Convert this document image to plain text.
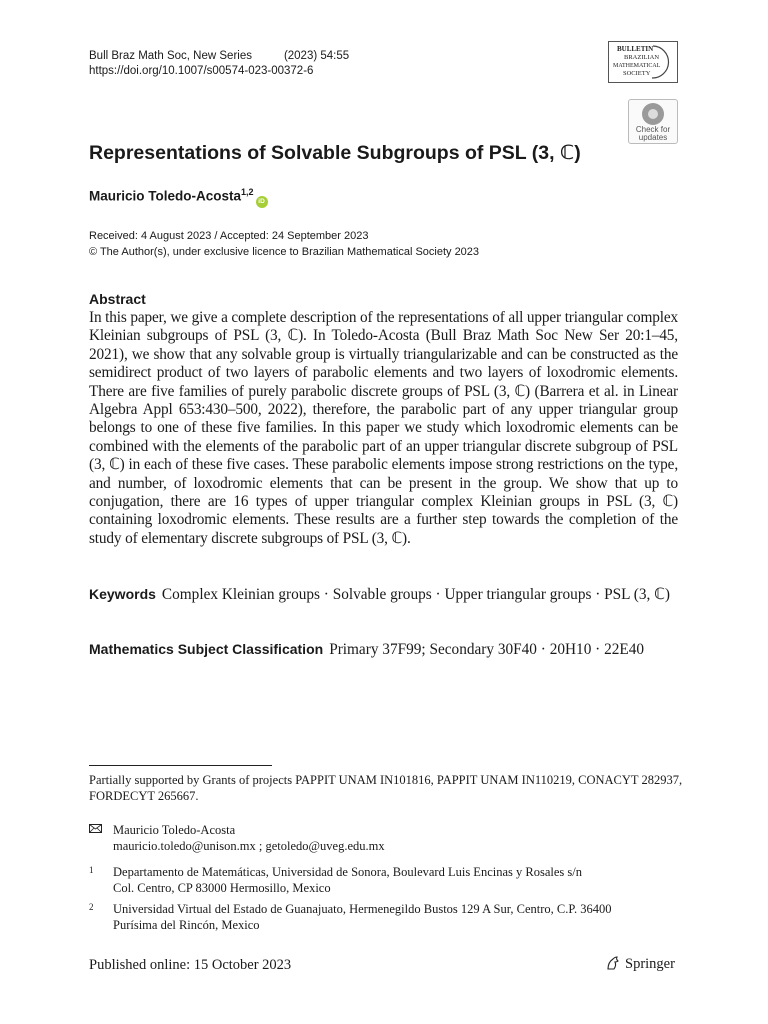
Bull Braz Math Soc, New Series	(2023) 54:55
https://doi.org/10.1007/s00574-023-00372-6
BULLETIN
BRAZILIAN
MATHEMATICAL
SOCIETY
Check for
updates
Representations of Solvable Subgroups of PSL (3, ℂ)
Mauricio Toledo-Acosta$^{1,2}$iD
Received: 4 August 2023 / Accepted: 24 September 2023
© The Author(s), under exclusive licence to Brazilian Mathematical Society 2023
Abstract
In this paper, we give a complete description of the representations of all upper triangular complex Kleinian subgroups of PSL (3, ℂ). In Toledo-Acosta (Bull Braz Math Soc New Ser 20:1–45, 2021), we show that any solvable group is virtually triangularizable and can be constructed as the semidirect product of two layers of parabolic elements and two layers of loxodromic elements. There are five families of purely parabolic discrete groups of PSL (3, ℂ) (Barrera et al. in Linear Algebra Appl 653:430–500, 2022), therefore, the parabolic part of any upper triangular group belongs to one of these five families. In this paper we study which loxodromic elements can be combined with the elements of the parabolic part of an upper triangular discrete subgroup of PSL (3, ℂ) in each of these five cases. These parabolic elements impose strong restrictions on the type, and number, of loxodromic elements that can be present in the group. We show that up to conjugation, there are 16 types of upper triangular complex Kleinian groups in PSL (3, ℂ) containing loxodromic elements. These results are a further step towards the completion of the study of elementary discrete subgroups of PSL (3, ℂ).
Keywords Complex Kleinian groups · Solvable groups · Upper triangular groups · PSL (3, ℂ)
Mathematics Subject Classification Primary 37F99; Secondary 30F40 · 20H10 · 22E40
Partially supported by Grants of projects PAPPIT UNAM IN101816, PAPPIT UNAM IN110219, CONACYT 282937, FORDECYT 265667.
Mauricio Toledo-Acosta
mauricio.toledo@unison.mx ; getoledo@uveg.edu.mx
1 Departamento de Matemáticas, Universidad de Sonora, Boulevard Luis Encinas y Rosales s/n
Col. Centro, CP 83000 Hermosillo, Mexico
2 Universidad Virtual del Estado de Guanajuato, Hermenegildo Bustos 129 A Sur, Centro, C.P. 36400
Purísima del Rincón, Mexico
Published online: 15 October 2023	Springer
